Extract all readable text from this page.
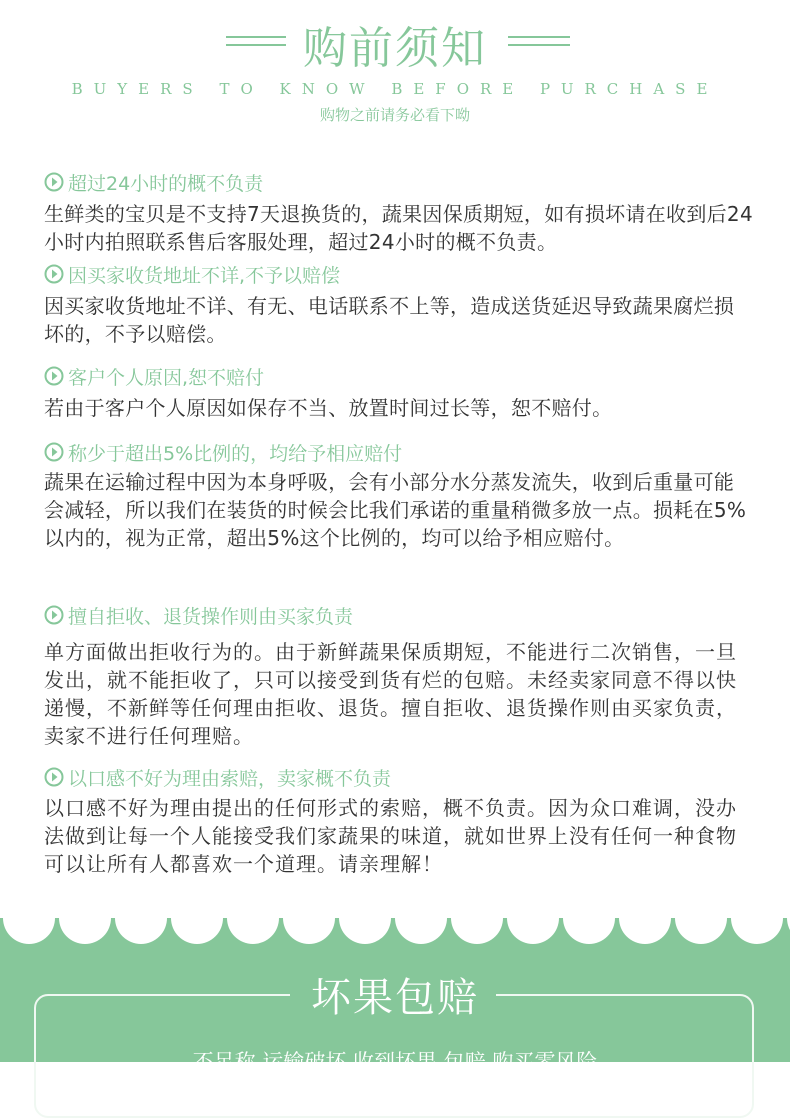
购前须知
BUYERS TO KNOW BEFORE PURCHASE
购物之前请务必看下呦
超过24小时的概不负责
生鲜类的宝贝是不支持7天退换货的，蔬果因保质期短，如有损坏请在收到后24小时内拍照联系售后客服处理，超过24小时的概不负责。
因买家收货地址不详,不予以赔偿
因买家收货地址不详、有无、电话联系不上等，造成送货延迟导致蔬果腐烂损坏的，不予以赔偿。
客户个人原因,恕不赔付
若由于客户个人原因如保存不当、放置时间过长等，恕不赔付。
称少于超出5%比例的，均给予相应赔付
蔬果在运输过程中因为本身呼吸，会有小部分水分蒸发流失，收到后重量可能会减轻，所以我们在装货的时候会比我们承诺的重量稍微多放一点。损耗在5%以内的，视为正常，超出5%这个比例的，均可以给予相应赔付。
擅自拒收、退货操作则由买家负责
单方面做出拒收行为的。由于新鲜蔬果保质期短，不能进行二次销售，一旦发出，就不能拒收了，只可以接受到货有烂的包赔。未经卖家同意不得以快递慢，不新鲜等任何理由拒收、退货。擅自拒收、退货操作则由买家负责，卖家不进行任何理赔。
以口感不好为理由索赔，卖家概不负责
以口感不好为理由提出的任何形式的索赔，概不负责。因为众口难调，没办法做到让每一个人能接受我们家蔬果的味道，就如世界上没有任何一种食物可以让所有人都喜欢一个道理。请亲理解！
坏果包赔
不足称 运输破坏 收到坏果 包赔 购买零风险
